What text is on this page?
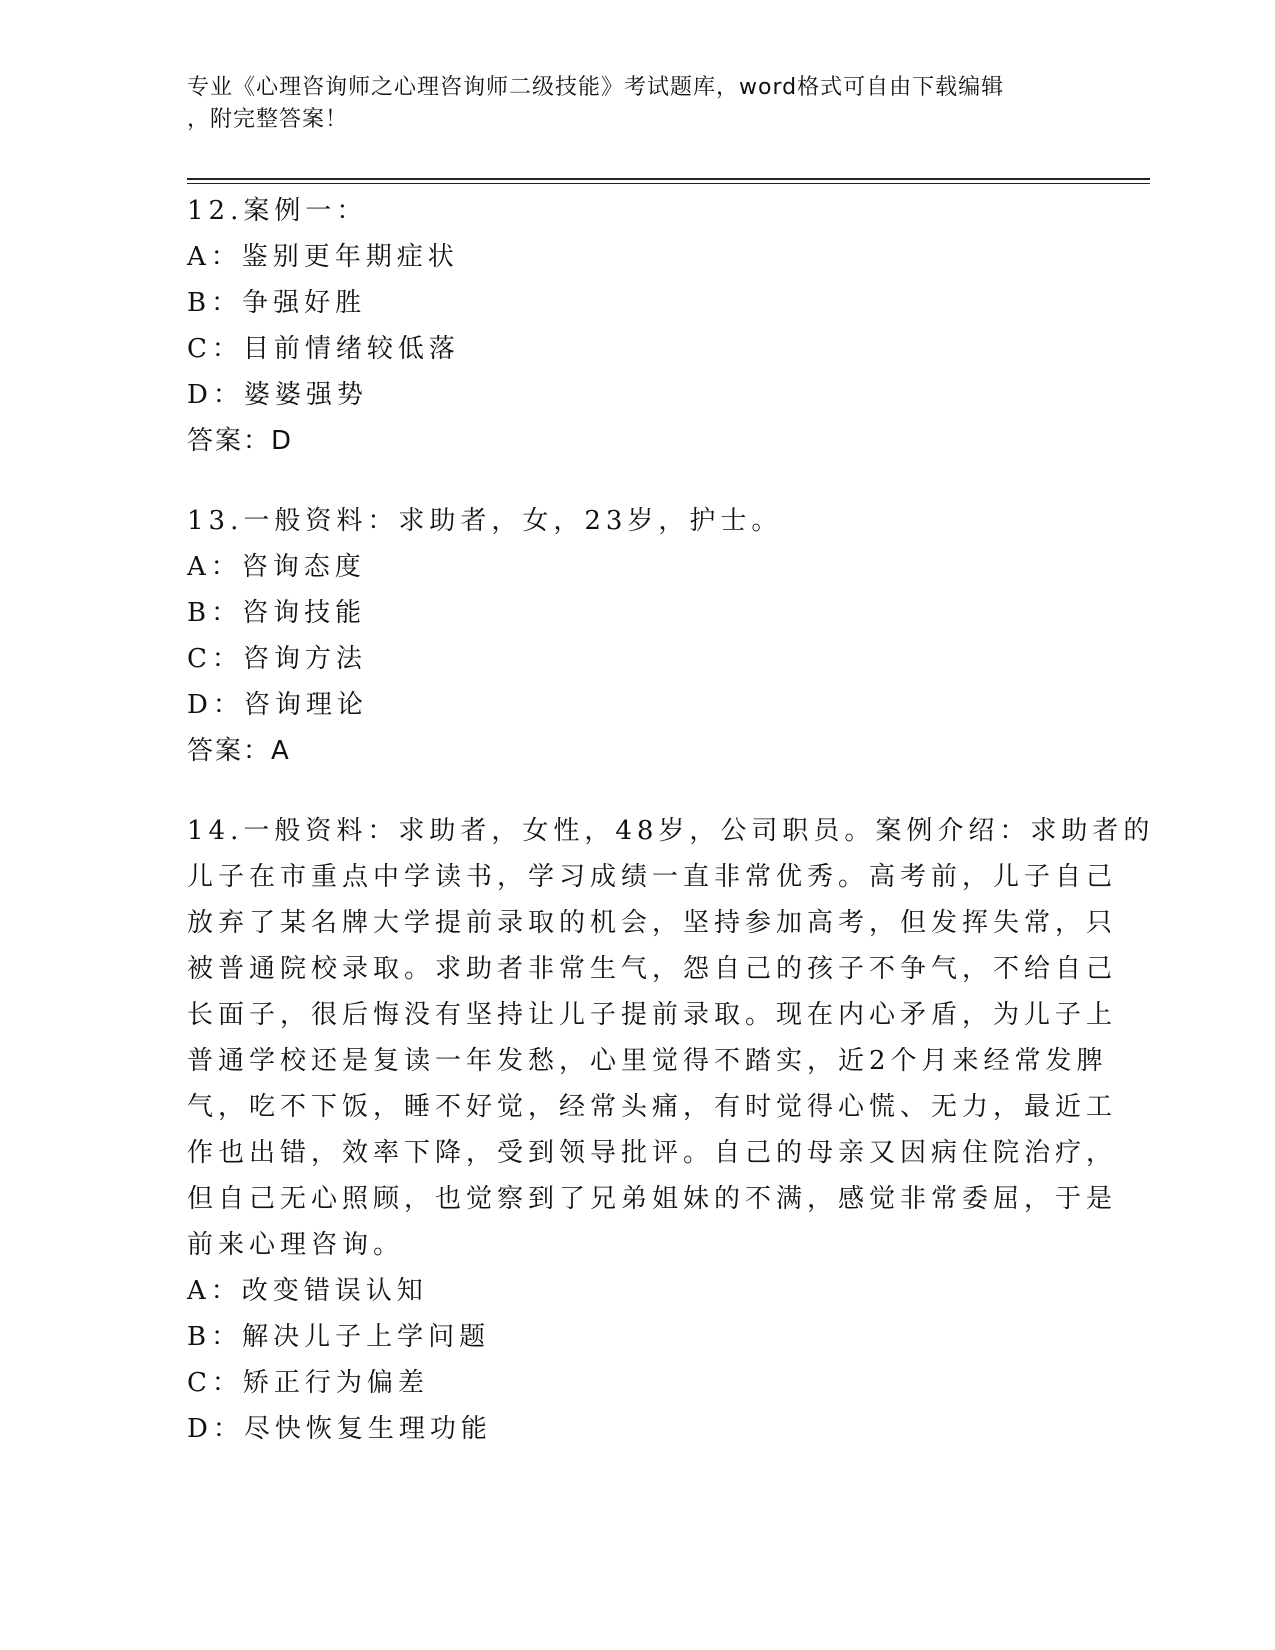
专业《心理咨询师之心理咨询师二级技能》考试题库，word格式可自由下载编辑
，附完整答案！
12.案例一：
A：鉴别更年期症状
B：争强好胜
C：目前情绪较低落
D：婆婆强势
答案：D
13.一般资料：求助者，女，23岁，护士。
A：咨询态度
B：咨询技能
C：咨询方法
D：咨询理论
答案：A
14.一般资料：求助者，女性，48岁，公司职员。案例介绍：求助者的
儿子在市重点中学读书，学习成绩一直非常优秀。高考前，儿子自己
放弃了某名牌大学提前录取的机会，坚持参加高考，但发挥失常，只
被普通院校录取。求助者非常生气，怨自己的孩子不争气，不给自己
长面子，很后悔没有坚持让儿子提前录取。现在内心矛盾，为儿子上
普通学校还是复读一年发愁，心里觉得不踏实，近2个月来经常发脾
气，吃不下饭，睡不好觉，经常头痛，有时觉得心慌、无力，最近工
作也出错，效率下降，受到领导批评。自己的母亲又因病住院治疗，
但自己无心照顾，也觉察到了兄弟姐妹的不满，感觉非常委屈，于是
前来心理咨询。
A：改变错误认知
B：解决儿子上学问题
C：矫正行为偏差
D：尽快恢复生理功能
